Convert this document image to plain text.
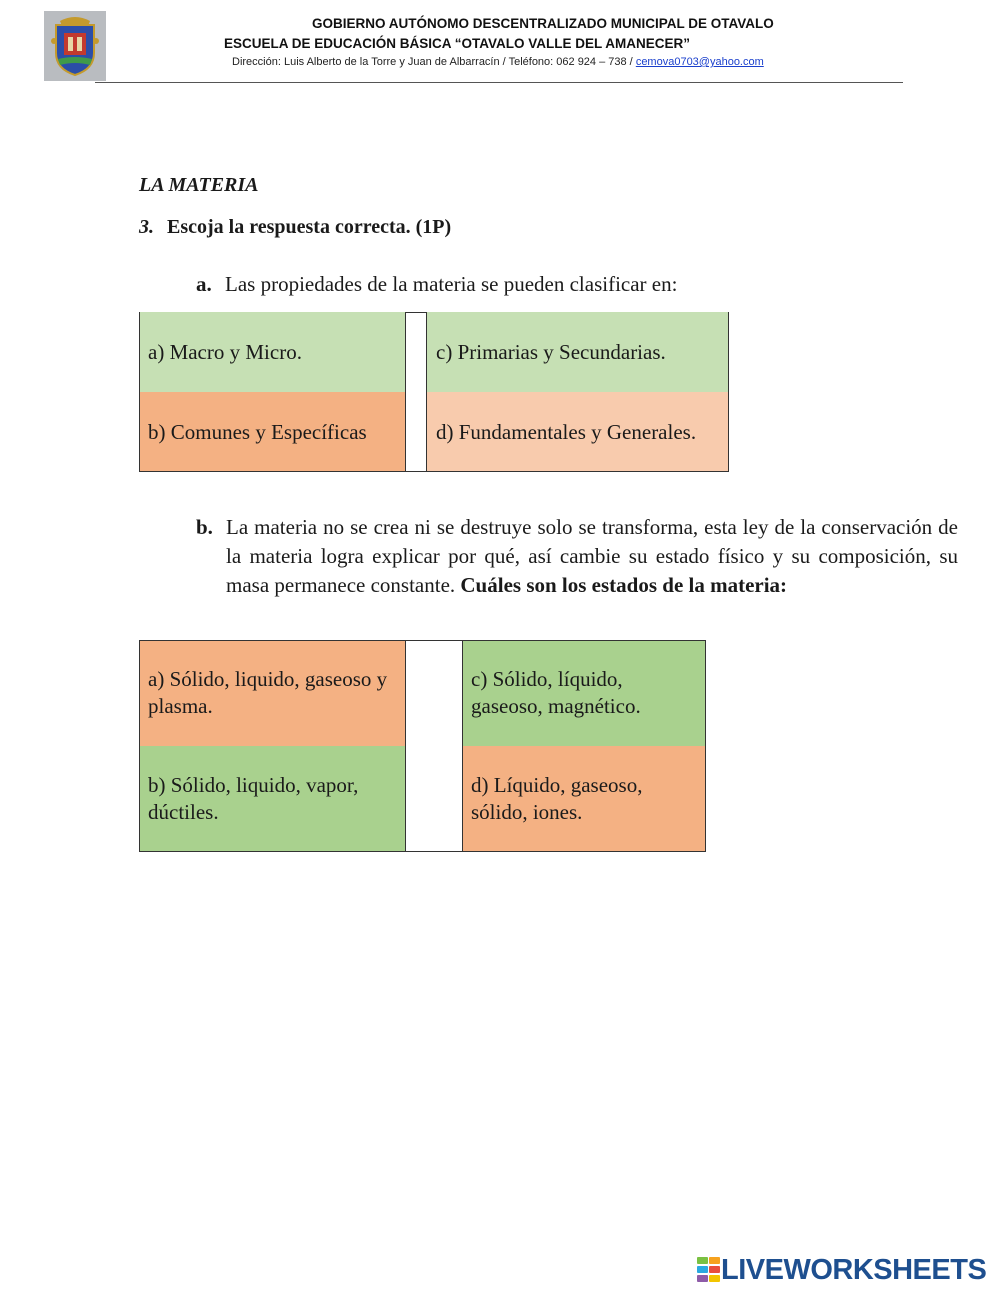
GOBIERNO AUTÓNOMO DESCENTRALIZADO MUNICIPAL DE OTAVALO
ESCUELA DE EDUCACIÓN BÁSICA “OTAVALO VALLE DEL AMANECER”
Dirección: Luis Alberto de la Torre y Juan de Albarracín / Teléfono: 062 924 – 738 / cemova0703@yahoo.com
LA MATERIA
3. Escoja la respuesta correcta. (1P)
a. Las propiedades de la materia se pueden clasificar en:
a) Macro y Micro.
b) Comunes y Específicas
c) Primarias y Secundarias.
d) Fundamentales y Generales.
b. La materia no se crea ni se destruye solo se transforma, esta ley de la conservación de la materia logra explicar por qué, así cambie su estado físico y su composición, su masa permanece constante. Cuáles son los estados de la materia:
a) Sólido, liquido, gaseoso y plasma.
b) Sólido, liquido, vapor, dúctiles.
c) Sólido, líquido, gaseoso, magnético.
d) Líquido, gaseoso, sólido, iones.
LIVEWORKSHEETS
